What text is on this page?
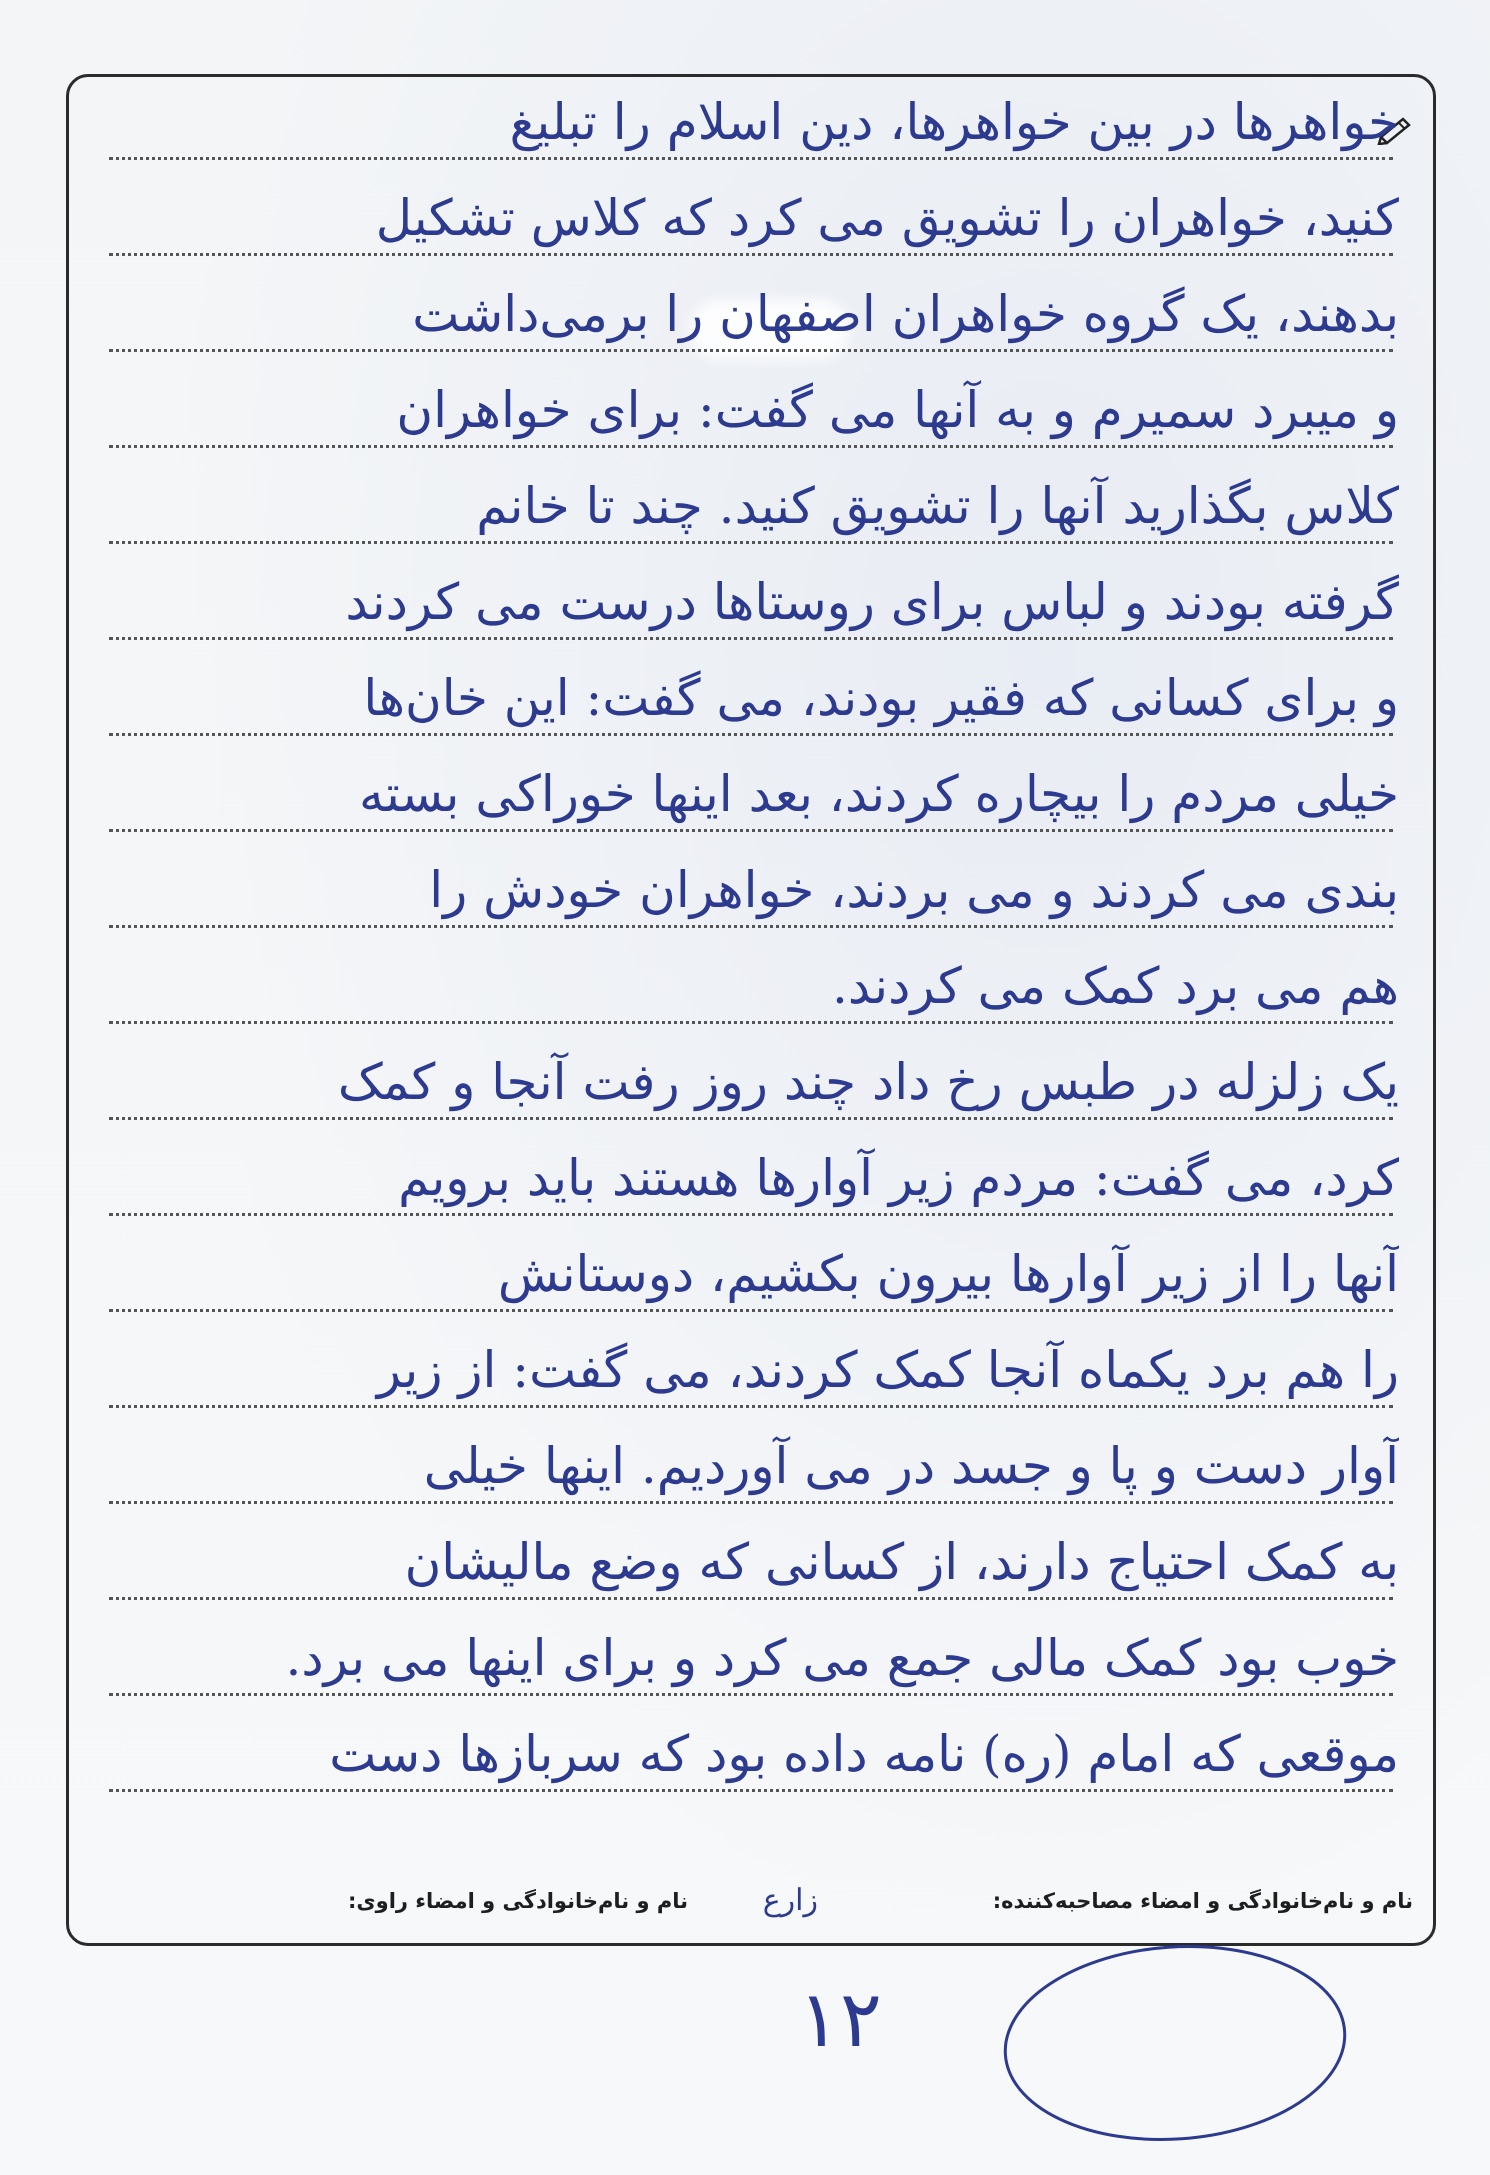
خواهرها در بین خواهرها، دین اسلام را تبلیغ
کنید، خواهران را تشویق می کرد که کلاس تشکیل
بدهند، یک گروه خواهران اصفهان را برمی‌داشت
و میبرد سمیرم و به آنها می گفت: برای خواهران
کلاس بگذارید آنها را تشویق کنید. چند تا خانم
گرفته بودند و لباس برای روستاها درست می کردند
و برای کسانی که فقیر بودند، می گفت: این خان‌ها
خیلی مردم را بیچاره کردند، بعد اینها خوراکی بسته
بندی می کردند و می بردند، خواهران خودش را
هم می برد کمک می کردند.
یک زلزله در طبس رخ داد چند روز رفت آنجا و کمک
کرد، می گفت: مردم زیر آوارها هستند باید برویم
آنها را از زیر آوارها بیرون بکشیم، دوستانش
را هم برد یکماه آنجا کمک کردند، می گفت: از زیر
آوار دست و پا و جسد در می آوردیم. اینها خیلی
به کمک احتیاج دارند، از کسانی که وضع مالیشان
خوب بود کمک مالی جمع می کرد و برای اینها می برد.
موقعی که امام (ره) نامه داده بود که سربازها دست
نام و نام‌خانوادگی و امضاء مصاحبه‌کننده:
زارع
نام و نام‌خانوادگی و امضاء راوی:
۱۲
